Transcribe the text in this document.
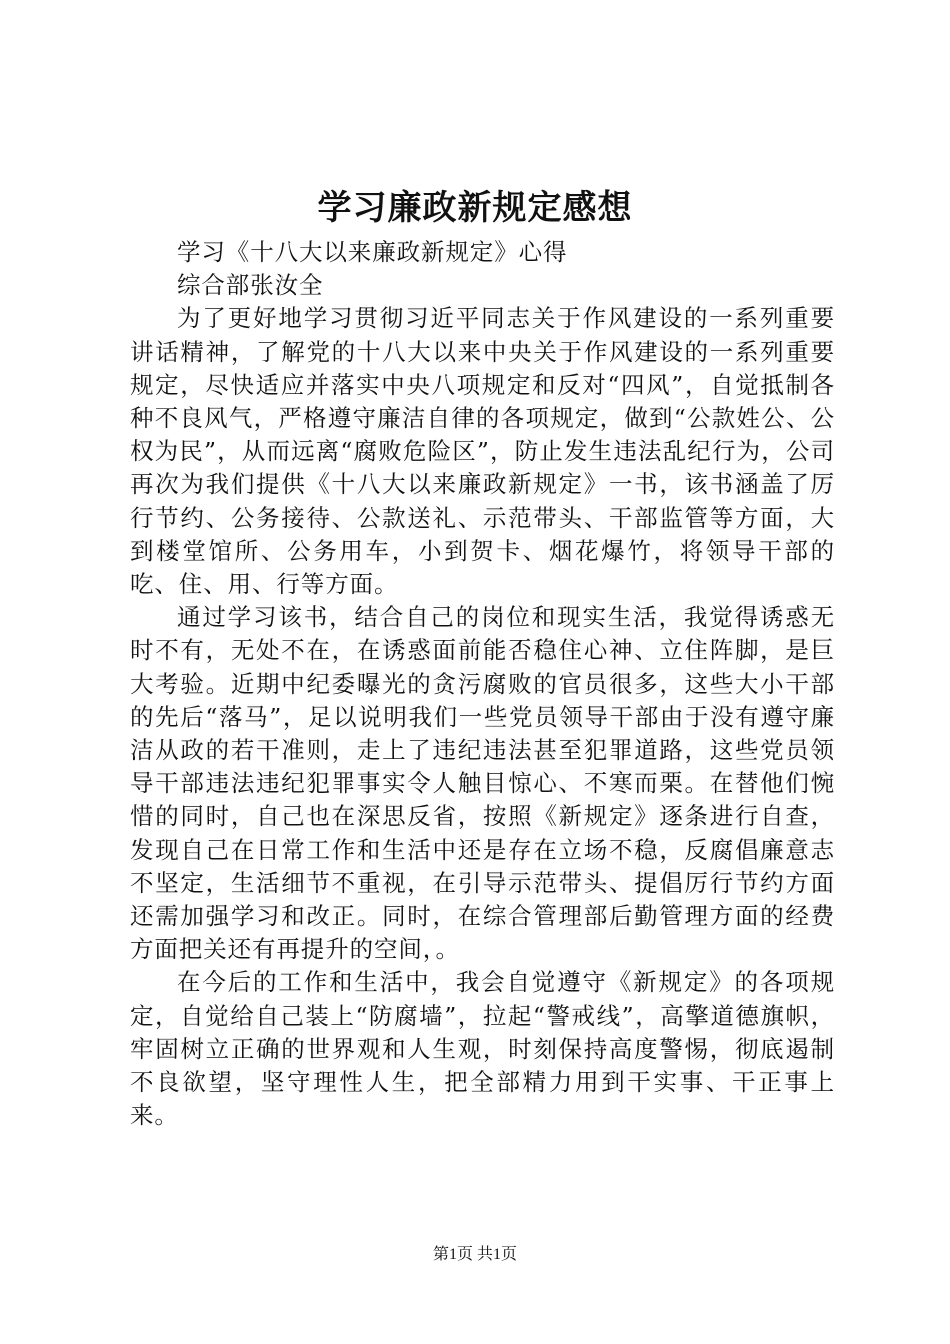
学习廉政新规定感想

学习《十八大以来廉政新规定》心得

综合部张汝全

为了更好地学习贯彻习近平同志关于作风建设的一系列重要讲话精神，了解党的十八大以来中央关于作风建设的一系列重要规定，尽快适应并落实中央八项规定和反对“四风”，自觉抵制各种不良风气，严格遵守廉洁自律的各项规定，做到“公款姓公、公权为民”，从而远离“腐败危险区”，防止发生违法乱纪行为，公司再次为我们提供《十八大以来廉政新规定》一书，该书涵盖了厉行节约、公务接待、公款送礼、示范带头、干部监管等方面，大到楼堂馆所、公务用车，小到贺卡、烟花爆竹，将领导干部的吃、住、用、行等方面。

通过学习该书，结合自己的岗位和现实生活，我觉得诱惑无时不有，无处不在，在诱惑面前能否稳住心神、立住阵脚，是巨大考验。近期中纪委曝光的贪污腐败的官员很多，这些大小干部的先后“落马”，足以说明我们一些党员领导干部由于没有遵守廉洁从政的若干准则，走上了违纪违法甚至犯罪道路，这些党员领导干部违法违纪犯罪事实令人触目惊心、不寒而栗。在替他们惋惜的同时，自己也在深思反省，按照《新规定》逐条进行自查，发现自己在日常工作和生活中还是存在立场不稳，反腐倡廉意志不坚定，生活细节不重视，在引导示范带头、提倡厉行节约方面还需加强学习和改正。同时，在综合管理部后勤管理方面的经费方面把关还有再提升的空间，。

在今后的工作和生活中，我会自觉遵守《新规定》的各项规定，自觉给自己装上“防腐墙”，拉起“警戒线”，高擎道德旗帜，牢固树立正确的世界观和人生观，时刻保持高度警惕，彻底遏制不良欲望，坚守理性人生，把全部精力用到干实事、干正事上来。

第1页 共1页
